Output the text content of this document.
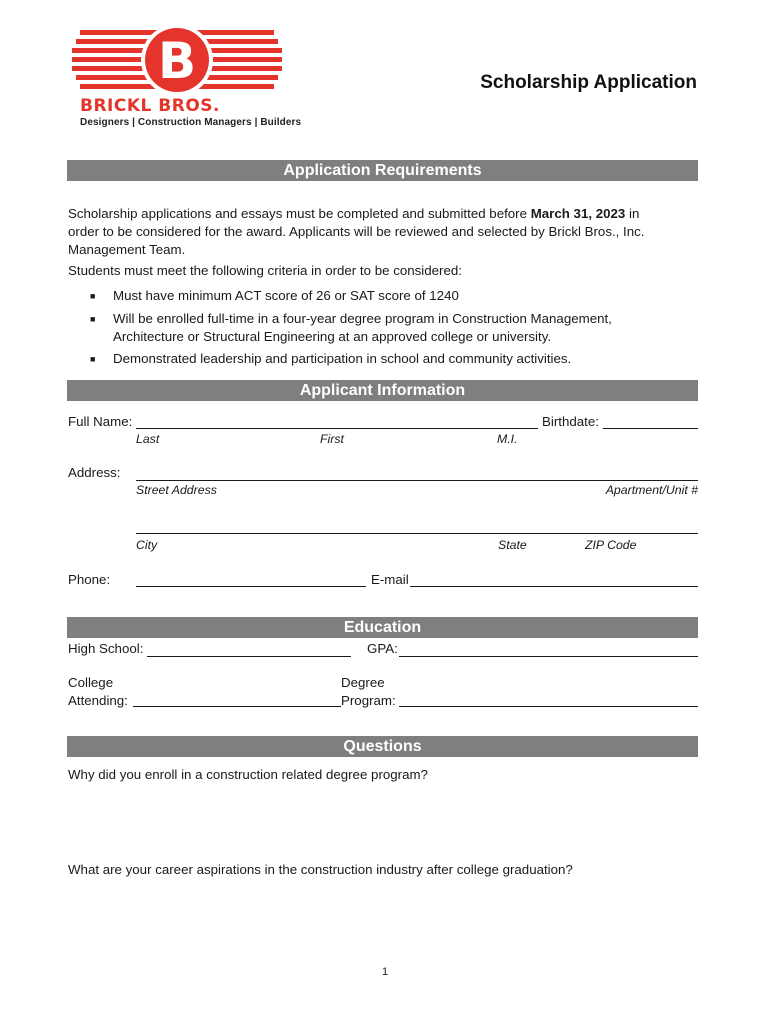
B
BRICKL BROS.
Designers | Construction Managers | Builders
Scholarship Application
Application Requirements
Scholarship applications and essays must be completed and submitted before March 31, 2023 in
order to be considered for the award. Applicants will be reviewed and selected by Brickl Bros., Inc.
Management Team.
Students must meet the following criteria in order to be considered:
■	Must have minimum ACT score of 26 or SAT score of 1240
■	Will be enrolled full-time in a four-year degree program in Construction Management,
Architecture or Structural Engineering at an approved college or university.
■	Demonstrated leadership and participation in school and community activities.
Applicant Information
Full Name:	Birthdate:
Last	First	M.I.
Address:
Street Address	Apartment/Unit #
City	State	ZIP Code
Phone:	E-mail
Education
High School:	GPA:
College
Attending:
Degree
Program:
Questions
Why did you enroll in a construction related degree program?
What are your career aspirations in the construction industry after college graduation?
1
